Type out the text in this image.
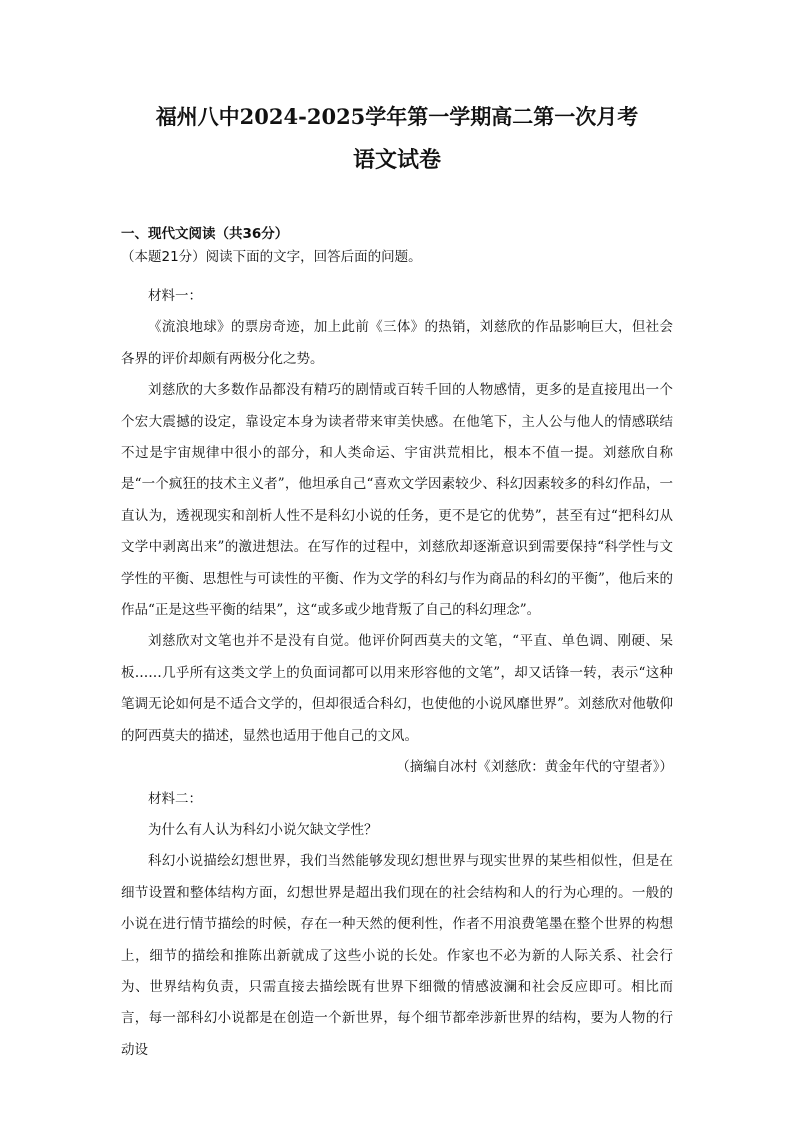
福州八中2024-2025学年第一学期高二第一次月考
语文试卷
一、现代文阅读（共36分）
（本题21分）阅读下面的文字，回答后面的问题。

材料一：

《流浪地球》的票房奇迹，加上此前《三体》的热销，刘慈欣的作品影响巨大，但社会各界的评价却颇有两极分化之势。

刘慈欣的大多数作品都没有精巧的剧情或百转千回的人物感情，更多的是直接甩出一个个宏大震撼的设定，靠设定本身为读者带来审美快感。在他笔下，主人公与他人的情感联结不过是宇宙规律中很小的部分，和人类命运、宇宙洪荒相比，根本不值一提。刘慈欣自称是“一个疯狂的技术主义者”，他坦承自己“喜欢文学因素较少、科幻因素较多的科幻作品，一直认为，透视现实和剖析人性不是科幻小说的任务，更不是它的优势”，甚至有过“把科幻从文学中剥离出来”的激进想法。在写作的过程中，刘慈欣却逐渐意识到需要保持“科学性与文学性的平衡、思想性与可读性的平衡、作为文学的科幻与作为商品的科幻的平衡”，他后来的作品“正是这些平衡的结果”，这“或多或少地背叛了自己的科幻理念”。

刘慈欣对文笔也并不是没有自觉。他评价阿西莫夫的文笔，“平直、单色调、刚硬、呆板……几乎所有这类文学上的负面词都可以用来形容他的文笔”，却又话锋一转，表示“这种笔调无论如何是不适合文学的，但却很适合科幻，也使他的小说风靡世界”。刘慈欣对他敬仰的阿西莫夫的描述，显然也适用于他自己的文风。

（摘编自冰村《刘慈欣：黄金年代的守望者》）

材料二：

为什么有人认为科幻小说欠缺文学性？

科幻小说描绘幻想世界，我们当然能够发现幻想世界与现实世界的某些相似性，但是在细节设置和整体结构方面，幻想世界是超出我们现在的社会结构和人的行为心理的。一般的小说在进行情节描绘的时候，存在一种天然的便利性，作者不用浪费笔墨在整个世界的构想上，细节的描绘和推陈出新就成了这些小说的长处。作家也不必为新的人际关系、社会行为、世界结构负责，只需直接去描绘既有世界下细微的情感波澜和社会反应即可。相比而言，每一部科幻小说都是在创造一个新世界，每个细节都牵涉新世界的结构，要为人物的行动设
